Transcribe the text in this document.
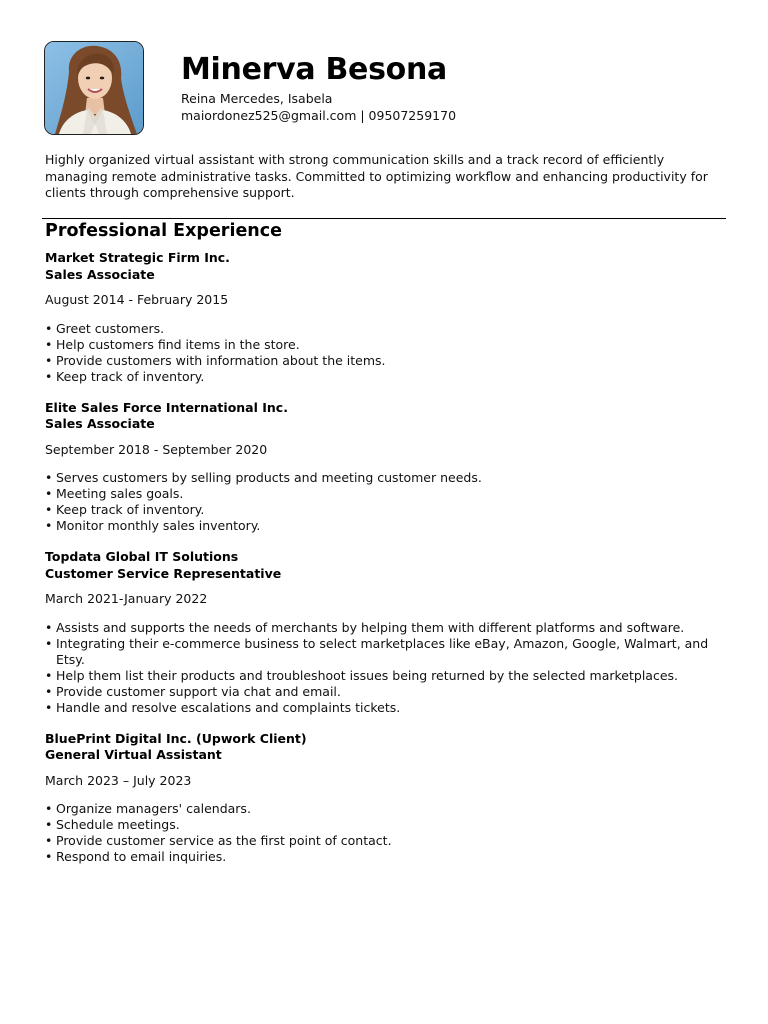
Minerva Besona

Reina Mercedes, Isabela

maiordonez525@gmail.com | 09507259170

Highly organized virtual assistant with strong communication skills and a track record of efficiently managing remote administrative tasks. Committed to optimizing workflow and enhancing productivity for clients through comprehensive support.

Professional Experience

Market Strategic Firm Inc.

Sales Associate

August 2014 - February 2015

• Greet customers.
• Help customers find items in the store.
• Provide customers with information about the items.
• Keep track of inventory.

Elite Sales Force International Inc.

Sales Associate

September 2018 - September 2020

• Serves customers by selling products and meeting customer needs.
• Meeting sales goals.
• Keep track of inventory.
• Monitor monthly sales inventory.

Topdata Global IT Solutions

Customer Service Representative

March 2021-January 2022

• Assists and supports the needs of merchants by helping them with different platforms and software.
• Integrating their e-commerce business to select marketplaces like eBay, Amazon, Google, Walmart, and Etsy.
• Help them list their products and troubleshoot issues being returned by the selected marketplaces.
• Provide customer support via chat and email.
• Handle and resolve escalations and complaints tickets.

BluePrint Digital Inc. (Upwork Client)

General Virtual Assistant

March 2023 – July 2023

• Organize managers' calendars.
• Schedule meetings.
• Provide customer service as the first point of contact.
• Respond to email inquiries.
